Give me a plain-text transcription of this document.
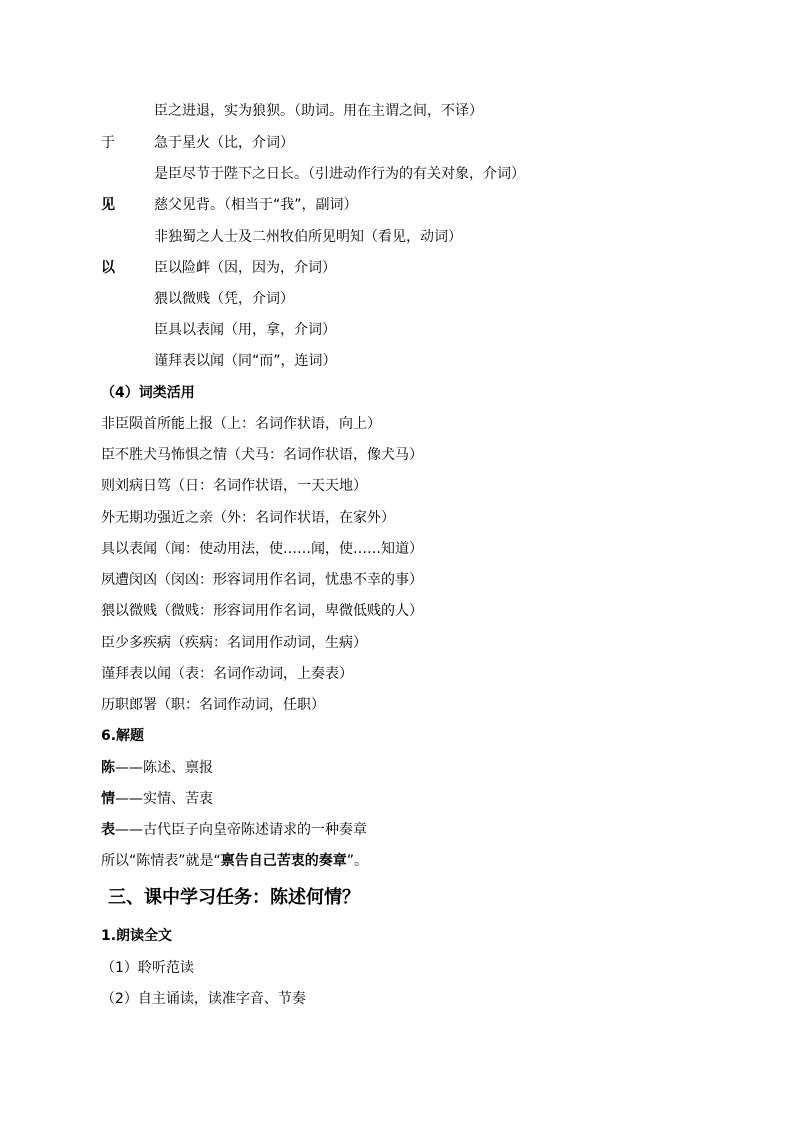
臣之进退，实为狼狈。（助词。用在主谓之间，不译）
于	急于星火（比，介词）
是臣尽节于陛下之日长。（引进动作行为的有关对象，介词）
见	慈父见背。（相当于“我”，副词）
非独蜀之人士及二州牧伯所见明知（看见，动词）
以	臣以险衅（因，因为，介词）
猥以微贱（凭，介词）
臣具以表闻（用，拿，介词）
谨拜表以闻（同“而”，连词）
（4）词类活用
非臣陨首所能上报（上：名词作状语，向上）
臣不胜犬马怖惧之情（犬马：名词作状语，像犬马）
则刘病日笃（日：名词作状语，一天天地）
外无期功强近之亲（外：名词作状语，在家外）
具以表闻（闻：使动用法，使……闻，使……知道）
夙遭闵凶（闵凶：形容词用作名词，忧患不幸的事）
猥以微贱（微贱：形容词用作名词，卑微低贱的人）
臣少多疾病（疾病：名词用作动词，生病）
谨拜表以闻（表：名词作动词，上奏表）
历职郎署（职：名词作动词，任职）
6.解题
陈——陈述、禀报
情——实情、苦衷
表——古代臣子向皇帝陈述请求的一种奏章
所以“陈情表”就是“禀告自己苦衷的奏章”。
三、课中学习任务：陈述何情？
1.朗读全文
（1）聆听范读
（2）自主诵读，读准字音、节奏
